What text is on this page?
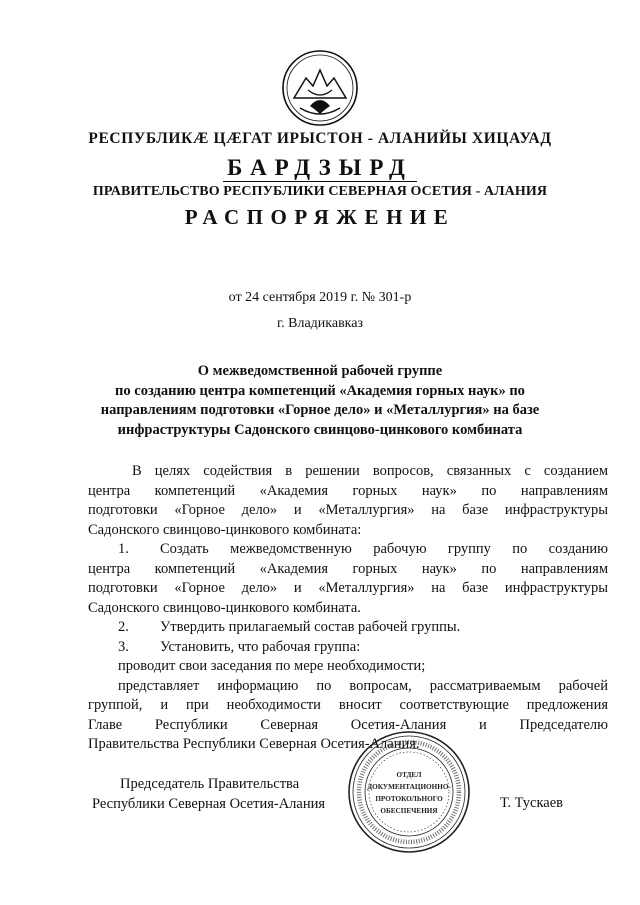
РЕСПУБЛИКÆ ЦÆГАТ ИРЫСТОН - АЛАНИЙЫ ХИЦАУАД
БАРДЗЫРД
ПРАВИТЕЛЬСТВО РЕСПУБЛИКИ СЕВЕРНАЯ ОСЕТИЯ - АЛАНИЯ
РАСПОРЯЖЕНИЕ
от 24 сентября 2019 г. № 301-р
г. Владикавказ
О межведомственной рабочей группе
по созданию центра компетенций «Академия горных наук» по
направлениям подготовки «Горное дело» и «Металлургия» на базе
инфраструктуры Садонского свинцово-цинкового комбината
В целях содействия в решении вопросов, связанных с созданием
центра компетенций «Академия горных наук» по направлениям
подготовки «Горное дело» и «Металлургия» на базе инфраструктуры
Садонского свинцово-цинкового комбината:
1. Создать межведомственную рабочую группу по созданию
центра компетенций «Академия горных наук» по направлениям
подготовки «Горное дело» и «Металлургия» на базе инфраструктуры
Садонского свинцово-цинкового комбината.
2. Утвердить прилагаемый состав рабочей группы.
3. Установить, что рабочая группа:
проводит свои заседания по мере необходимости;
представляет информацию по вопросам, рассматриваемым рабочей
группой, и при необходимости вносит соответствующие предложения
Главе Республики Северная Осетия-Алания и Председателю
Правительства Республики Северная Осетия-Алания.
Председатель Правительства
Республики Северная Осетия-Алания	Т. Тускаев
ОТДЕЛ
ДОКУМЕНТАЦИОННО-
ПРОТОКОЛЬНОГО
ОБЕСПЕЧЕНИЯ
